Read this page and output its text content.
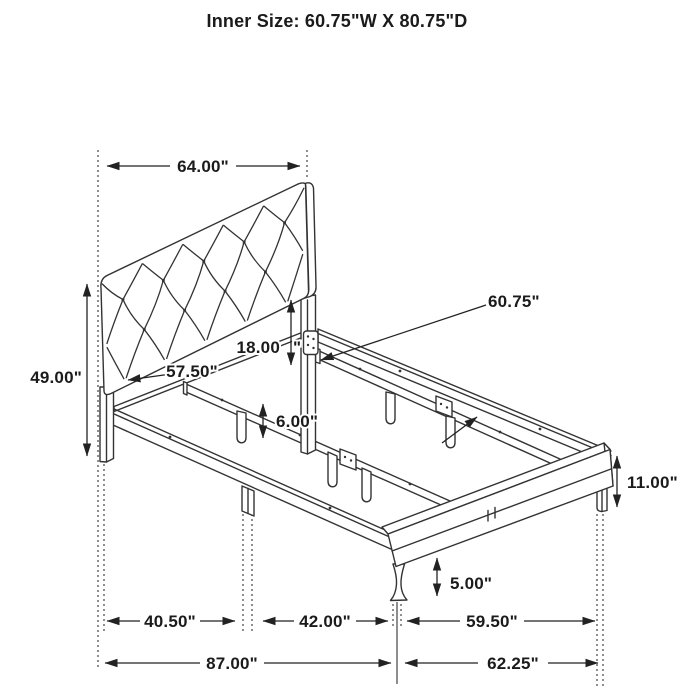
Inner Size: 60.75"W X 80.75"D
64.00"
49.00"
60.75"
18.00 "
57.50"
6.00"
11.00"
5.00"
40.50"	42.00"	59.50"
87.00"	62.25"
